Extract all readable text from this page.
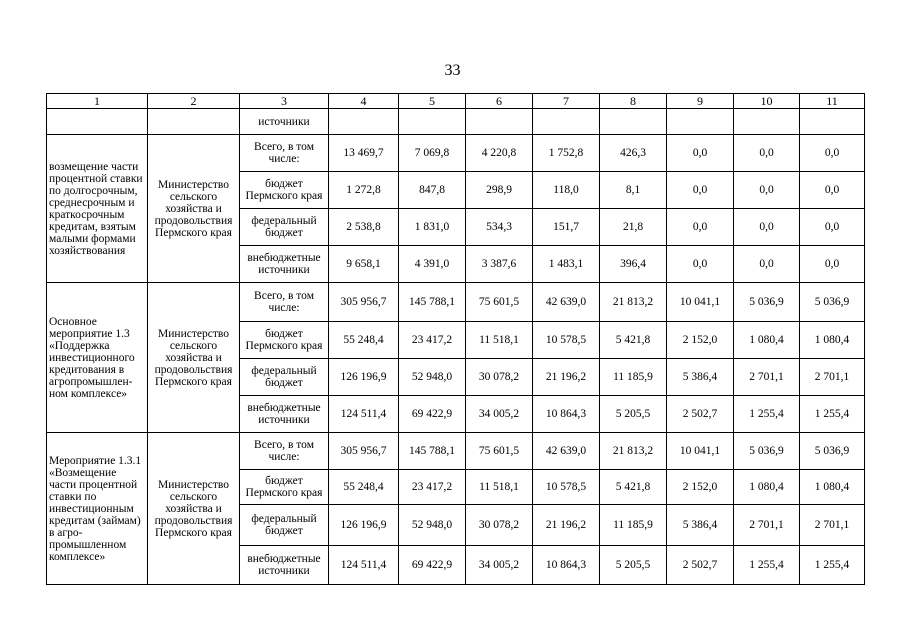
33
1	2	3	4	5	6	7	8	9	10	11
		источники								
возмещение части процентной ставки по долгосрочным, среднесрочным и краткосрочным кредитам, взятым малыми формами хозяйствования	Министерство сельского хозяйства и продовольствия Пермского края	Всего, в том числе:	13 469,7	7 069,8	4 220,8	1 752,8	426,3	0,0	0,0	0,0
		бюджет Пермского края	1 272,8	847,8	298,9	118,0	8,1	0,0	0,0	0,0
		федеральный бюджет	2 538,8	1 831,0	534,3	151,7	21,8	0,0	0,0	0,0
		внебюджетные источники	9 658,1	4 391,0	3 387,6	1 483,1	396,4	0,0	0,0	0,0
Основное мероприятие 1.3 «Поддержка инвестиционного кредитования в агропромышлен-ном комплексе»	Министерство сельского хозяйства и продовольствия Пермского края	Всего, в том числе:	305 956,7	145 788,1	75 601,5	42 639,0	21 813,2	10 041,1	5 036,9	5 036,9
		бюджет Пермского края	55 248,4	23 417,2	11 518,1	10 578,5	5 421,8	2 152,0	1 080,4	1 080,4
		федеральный бюджет	126 196,9	52 948,0	30 078,2	21 196,2	11 185,9	5 386,4	2 701,1	2 701,1
		внебюджетные источники	124 511,4	69 422,9	34 005,2	10 864,3	5 205,5	2 502,7	1 255,4	1 255,4
Мероприятие 1.3.1 «Возмещение части процентной ставки по инвестиционным кредитам (займам) в агро-промышленном комплексе»	Министерство сельского хозяйства и продовольствия Пермского края	Всего, в том числе:	305 956,7	145 788,1	75 601,5	42 639,0	21 813,2	10 041,1	5 036,9	5 036,9
		бюджет Пермского края	55 248,4	23 417,2	11 518,1	10 578,5	5 421,8	2 152,0	1 080,4	1 080,4
		федеральный бюджет	126 196,9	52 948,0	30 078,2	21 196,2	11 185,9	5 386,4	2 701,1	2 701,1
		внебюджетные источники	124 511,4	69 422,9	34 005,2	10 864,3	5 205,5	2 502,7	1 255,4	1 255,4
